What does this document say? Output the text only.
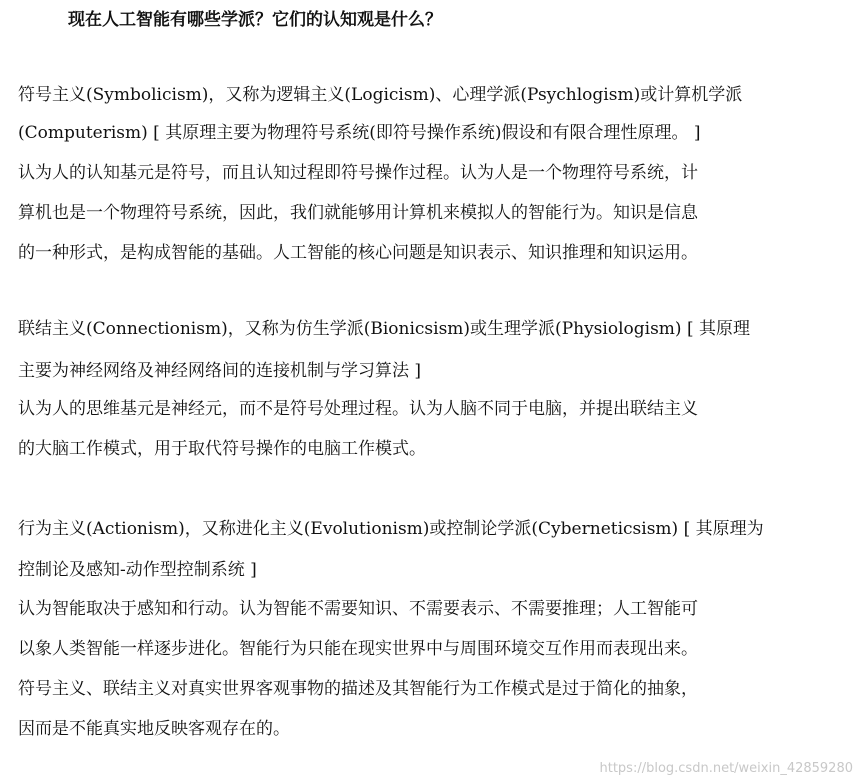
现在人工智能有哪些学派？它们的认知观是什么？
符号主义(Symbolicism)，又称为逻辑主义(Logicism)、心理学派(Psychlogism)或计算机学派
(Computerism) [ 其原理主要为物理符号系统(即符号操作系统)假设和有限合理性原理。 ]
认为人的认知基元是符号，而且认知过程即符号操作过程。认为人是一个物理符号系统，计
算机也是一个物理符号系统，因此，我们就能够用计算机来模拟人的智能行为。知识是信息
的一种形式，是构成智能的基础。人工智能的核心问题是知识表示、知识推理和知识运用。
联结主义(Connectionism)，又称为仿生学派(Bionicsism)或生理学派(Physiologism) [ 其原理
主要为神经网络及神经网络间的连接机制与学习算法 ]
认为人的思维基元是神经元，而不是符号处理过程。认为人脑不同于电脑，并提出联结主义
的大脑工作模式，用于取代符号操作的电脑工作模式。
行为主义(Actionism)，又称进化主义(Evolutionism)或控制论学派(Cyberneticsism) [ 其原理为
控制论及感知-动作型控制系统 ]
认为智能取决于感知和行动。认为智能不需要知识、不需要表示、不需要推理；人工智能可
以象人类智能一样逐步进化。智能行为只能在现实世界中与周围环境交互作用而表现出来。
符号主义、联结主义对真实世界客观事物的描述及其智能行为工作模式是过于简化的抽象，
因而是不能真实地反映客观存在的。
https://blog.csdn.net/weixin_42859280
